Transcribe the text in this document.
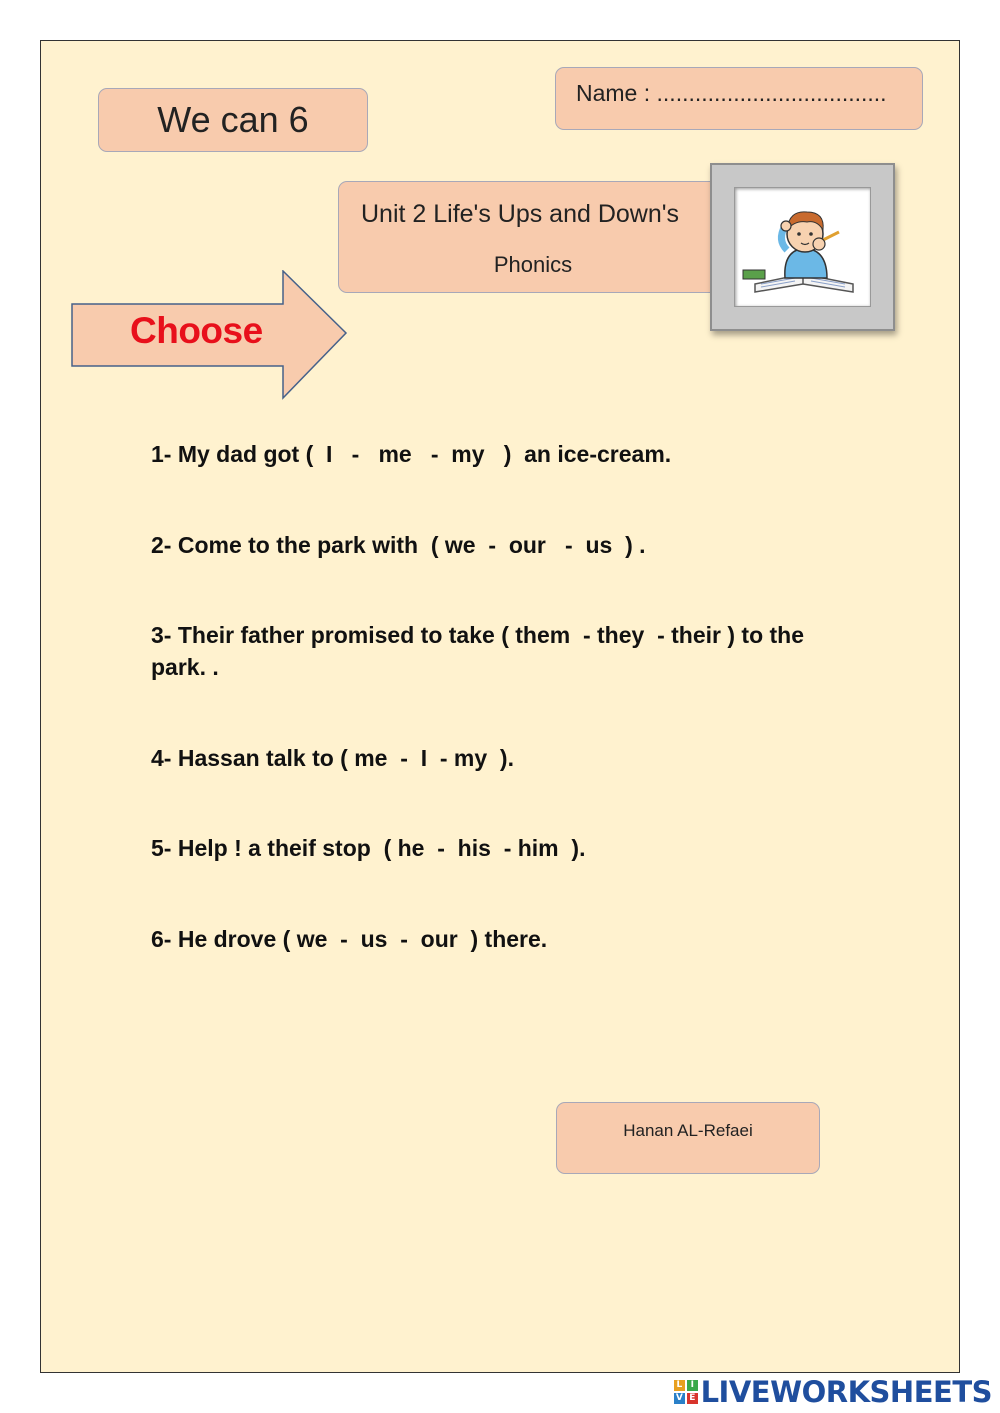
We can 6
Name : ....................................
Unit 2 Life's Ups and Down's
Phonics
Choose
1- My dad got (  I   -   me   -  my   )  an ice-cream.
2- Come to the park with  ( we  -  our   -  us  ) .
3- Their father promised to take ( them  - they  - their ) to the park. .
4- Hassan talk to ( me  -  I  - my  ).
5- Help ! a theif stop  ( he  -  his  - him  ).
6- He drove ( we  -  us  -  our  ) there.
Hanan AL-Refaei
L I
V E LIVEWORKSHEETS
